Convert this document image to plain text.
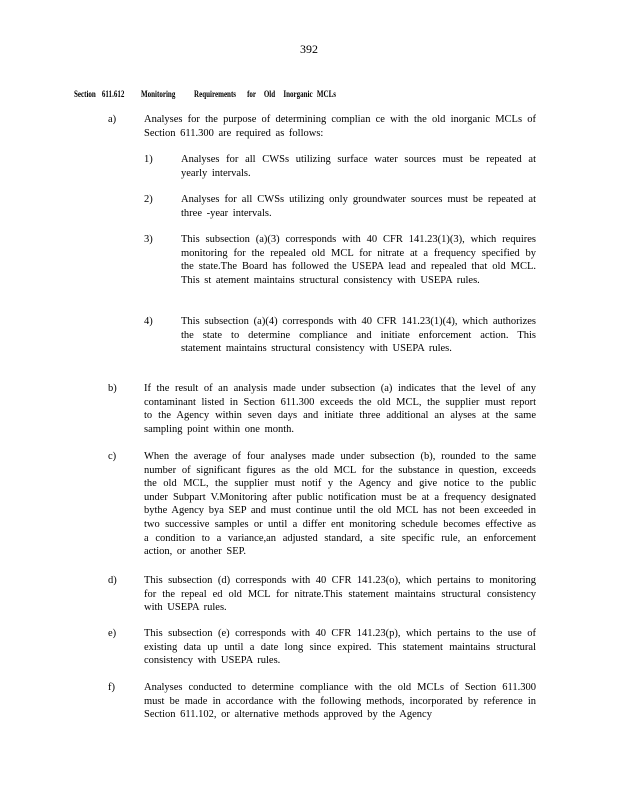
392
Section 611.612	Monitoring	Requirements	for Old Inorganic MCLs
a)	Analyses for the purpose of determining complian ce with the old inorganic MCLs of Section 611.300 are required as follows:
1)	Analyses for all CWSs utilizing surface water sources must be repeated at yearly intervals.
2)	Analyses for all CWSs utilizing only groundwater sources must be repeated at three -year intervals.
3)	This subsection (a)(3) corresponds with 40 CFR 141.23(1)(3), which requires monitoring for the repealed old MCL for nitrate at a frequency specified by the state.The Board has followed the USEPA lead and repealed that old MCL. This st atement maintains structural consistency with USEPA rules.
4)	This subsection (a)(4) corresponds with 40 CFR 141.23(1)(4), which authorizes the state to determine compliance and initiate enforcement action. This statement maintains structural consistency with USEPA rules.
b)	If the result of an analysis made under subsection (a) indicates that the level of any contaminant listed in Section 611.300 exceeds the old MCL, the supplier must report to the Agency within seven days and initiate three additional an alyses at the same sampling point within one month.
c)	When the average of four analyses made under subsection (b), rounded to the same number of significant figures as the old MCL for the substance in question, exceeds the old MCL, the supplier must notif y the Agency and give notice to the public under Subpart V.Monitoring after public notification must be at a frequency designated bythe Agency bya SEP and must continue until the old MCL has not been exceeded in two successive samples or until a differ ent monitoring schedule becomes effective as a condition to a variance,an adjusted standard, a site specific rule, an enforcement action, or another SEP.
d)	This subsection (d) corresponds with 40 CFR 141.23(o), which pertains to monitoring for the repeal ed old MCL for nitrate.This statement maintains structural consistency with USEPA rules.
e)	This subsection (e) corresponds with 40 CFR 141.23(p), which pertains to the use of existing data up until a date long since expired. This statement maintains structural consistency with USEPA rules.
f)	Analyses conducted to determine compliance with the old MCLs of Section 611.300 must be made in accordance with the following methods, incorporated by reference in Section 611.102, or alternative methods approved by the Agency
